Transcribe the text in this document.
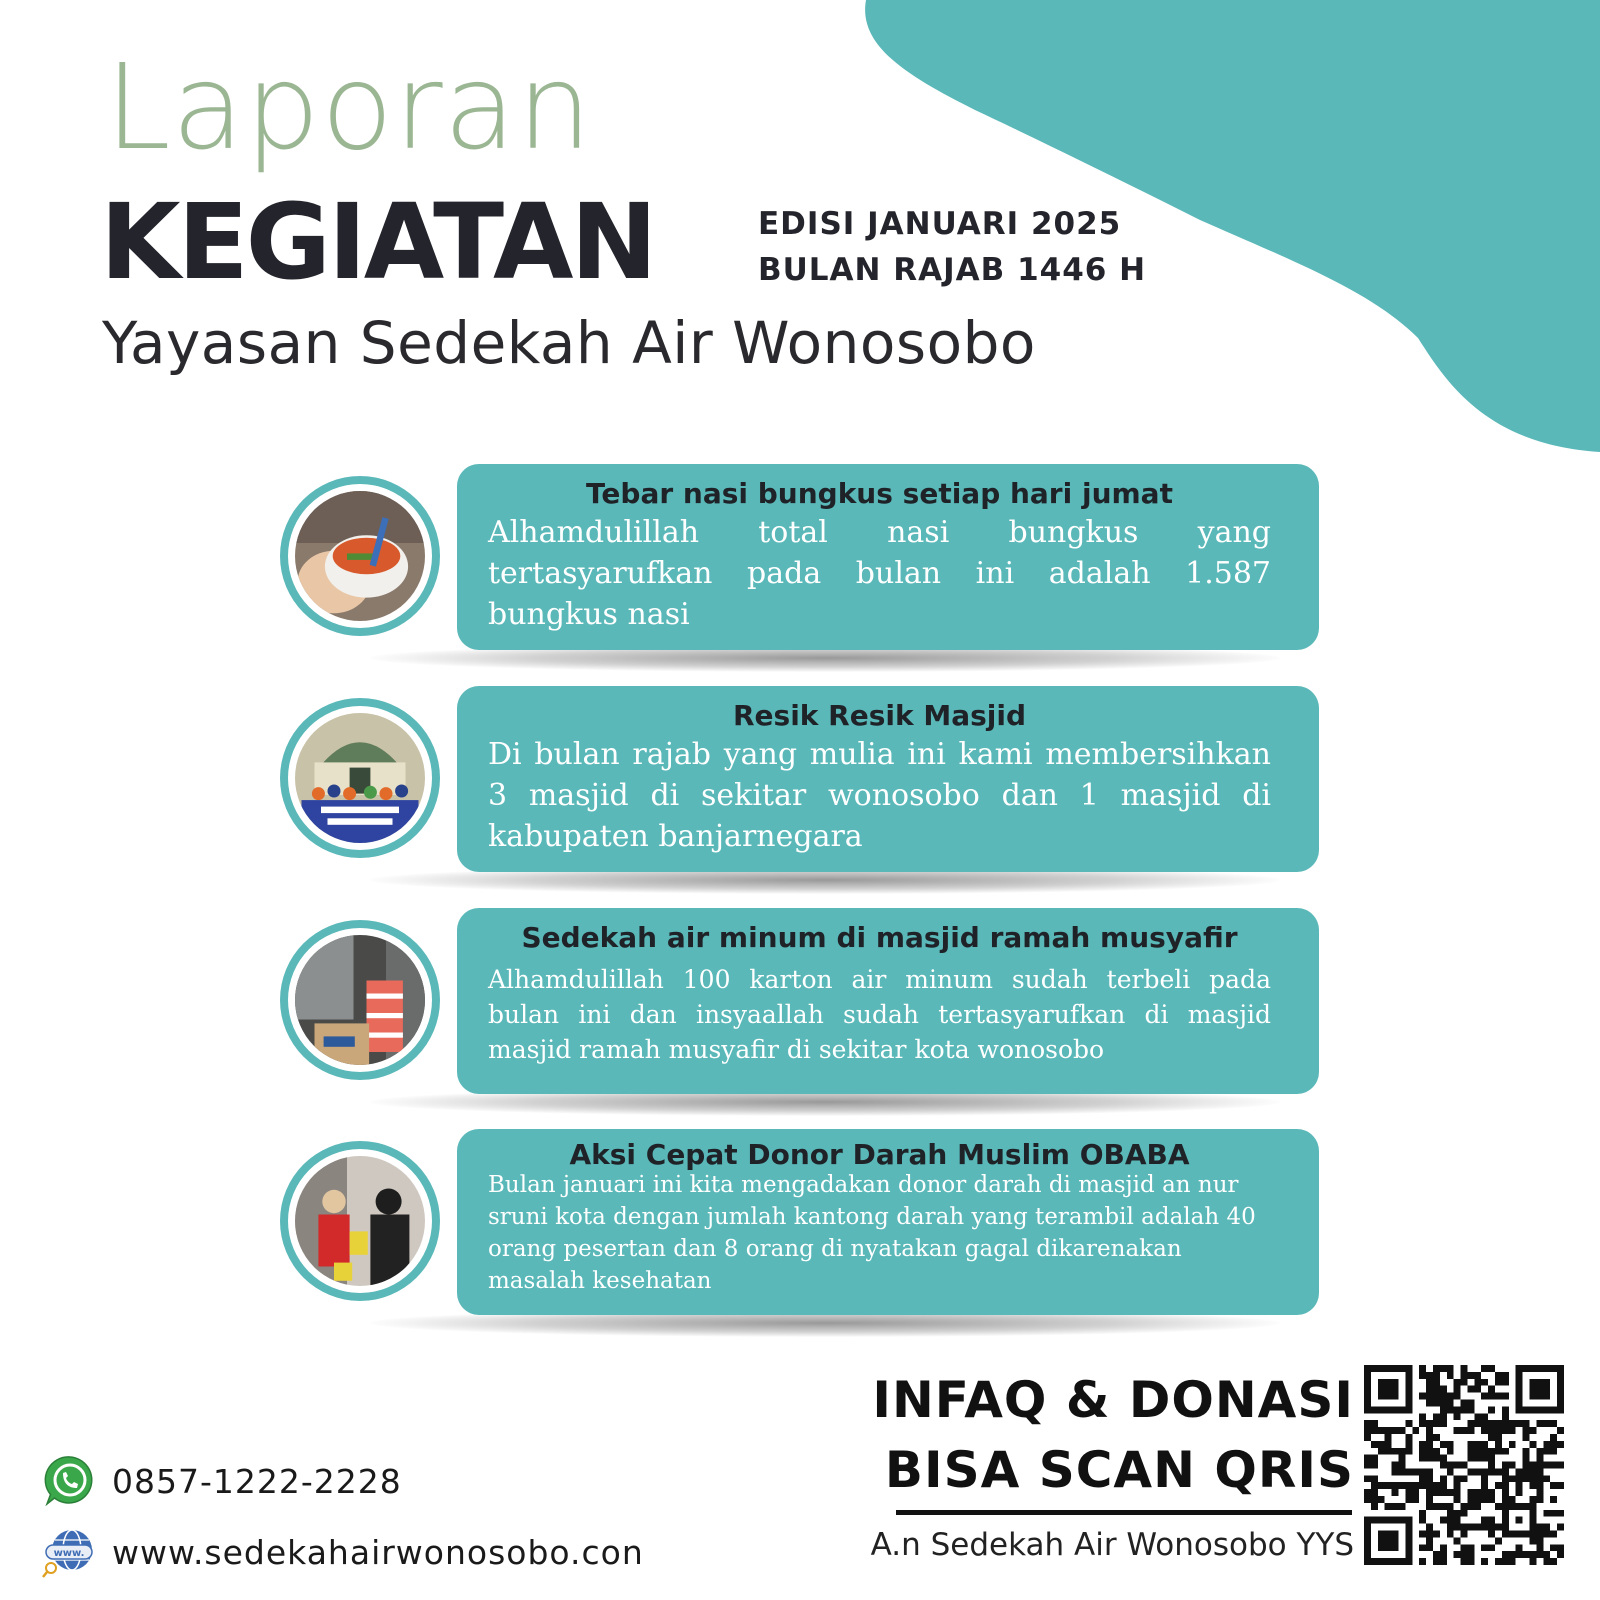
Laporan
KEGIATAN	EDISI JANUARI 2025
BULAN RAJAB 1446 H
Yayasan Sedekah Air Wonosobo
Tebar nasi bungkus setiap hari jumat

Alhamdulillah total nasi bungkus yang tertasyarufkan pada bulan ini adalah 1.587 bungkus nasi

Resik Resik Masjid

Di bulan rajab yang mulia ini kami membersihkan 3 masjid di sekitar wonosobo dan 1 masjid di kabupaten banjarnegara

Sedekah air minum di masjid ramah musyafir

Alhamdulillah 100 karton air minum sudah terbeli pada bulan ini dan insyaallah sudah tertasyarufkan di masjid masjid ramah musyafir di sekitar kota wonosobo

Aksi Cepat Donor Darah Muslim OBABA

Bulan januari ini kita mengadakan donor darah di masjid an nur sruni kota dengan jumlah kantong darah yang terambil adalah 40 orang pesertan dan 8 orang di nyatakan gagal dikarenakan masalah kesehatan

INFAQ & DONASI
BISA SCAN QRIS
A.n Sedekah Air Wonosobo YYS
0857-1222-2228
www. www.sedekahairwonosobo.con
